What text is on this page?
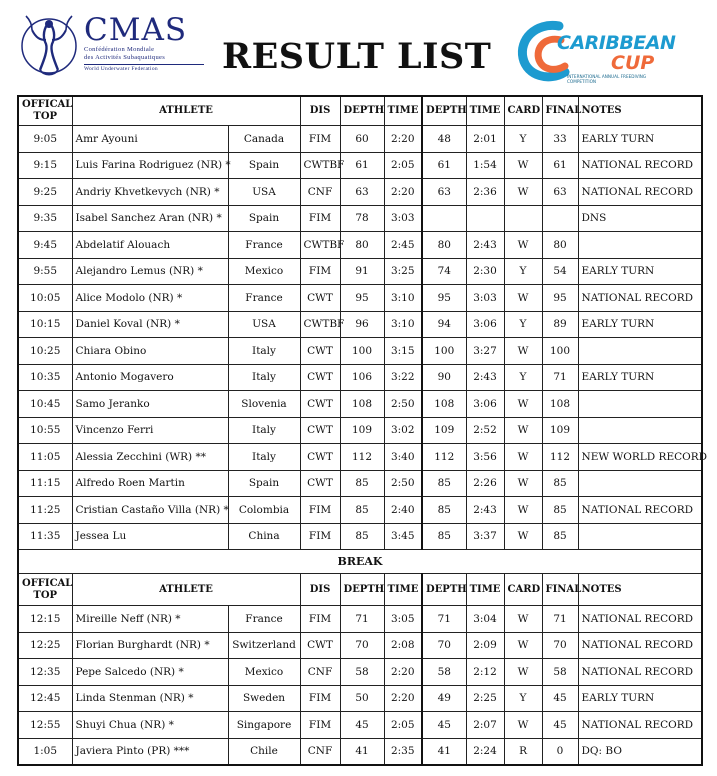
CMAS
Confédération Mondiale
des Activités Subaquatiques
World Underwater Federation	RESULT LIST	CARIBBEAN
CUP
INTERNATIONAL ANNUAL FREEDIVING COMPETITION
OFFICAL
TOP	ATHLETE		DIS	DEPTH	TIME	DEPTH	TIME	CARD	FINAL	NOTES
9:05	Amr Ayouni	Canada	FIM	60	2:20	48	2:01	Y	33	EARLY TURN
9:15	Luis Farina Rodriguez (NR) *	Spain	CWTBF	61	2:05	61	1:54	W	61	NATIONAL RECORD
9:25	Andriy Khvetkevych (NR) *	USA	CNF	63	2:20	63	2:36	W	63	NATIONAL RECORD
9:35	Isabel Sanchez Aran (NR) *	Spain	FIM	78	3:03					DNS
9:45	Abdelatif Alouach	France	CWTBF	80	2:45	80	2:43	W	80	
9:55	Alejandro Lemus (NR) *	Mexico	FIM	91	3:25	74	2:30	Y	54	EARLY TURN
10:05	Alice Modolo (NR) *	France	CWT	95	3:10	95	3:03	W	95	NATIONAL RECORD
10:15	Daniel Koval (NR) *	USA	CWTBF	96	3:10	94	3:06	Y	89	EARLY TURN
10:25	Chiara Obino	Italy	CWT	100	3:15	100	3:27	W	100	
10:35	Antonio Mogavero	Italy	CWT	106	3:22	90	2:43	Y	71	EARLY TURN
10:45	Samo Jeranko	Slovenia	CWT	108	2:50	108	3:06	W	108	
10:55	Vincenzo Ferri	Italy	CWT	109	3:02	109	2:52	W	109	
11:05	Alessia Zecchini (WR) **	Italy	CWT	112	3:40	112	3:56	W	112	NEW WORLD RECORD
11:15	Alfredo Roen Martin	Spain	CWT	85	2:50	85	2:26	W	85	
11:25	Cristian Castaño Villa (NR) *	Colombia	FIM	85	2:40	85	2:43	W	85	NATIONAL RECORD
11:35	Jessea Lu	China	FIM	85	3:45	85	3:37	W	85	
BREAK										
OFFICAL
TOP	ATHLETE		DIS	DEPTH	TIME	DEPTH	TIME	CARD	FINAL	NOTES
12:15	Mireille Neff (NR) *	France	FIM	71	3:05	71	3:04	W	71	NATIONAL RECORD
12:25	Florian Burghardt (NR) *	Switzerland	CWT	70	2:08	70	2:09	W	70	NATIONAL RECORD
12:35	Pepe Salcedo (NR) *	Mexico	CNF	58	2:20	58	2:12	W	58	NATIONAL RECORD
12:45	Linda Stenman (NR) *	Sweden	FIM	50	2:20	49	2:25	Y	45	EARLY TURN
12:55	Shuyi Chua (NR) *	Singapore	FIM	45	2:05	45	2:07	W	45	NATIONAL RECORD
1:05	Javiera Pinto (PR) ***	Chile	CNF	41	2:35	41	2:24	R	0	DQ: BO
